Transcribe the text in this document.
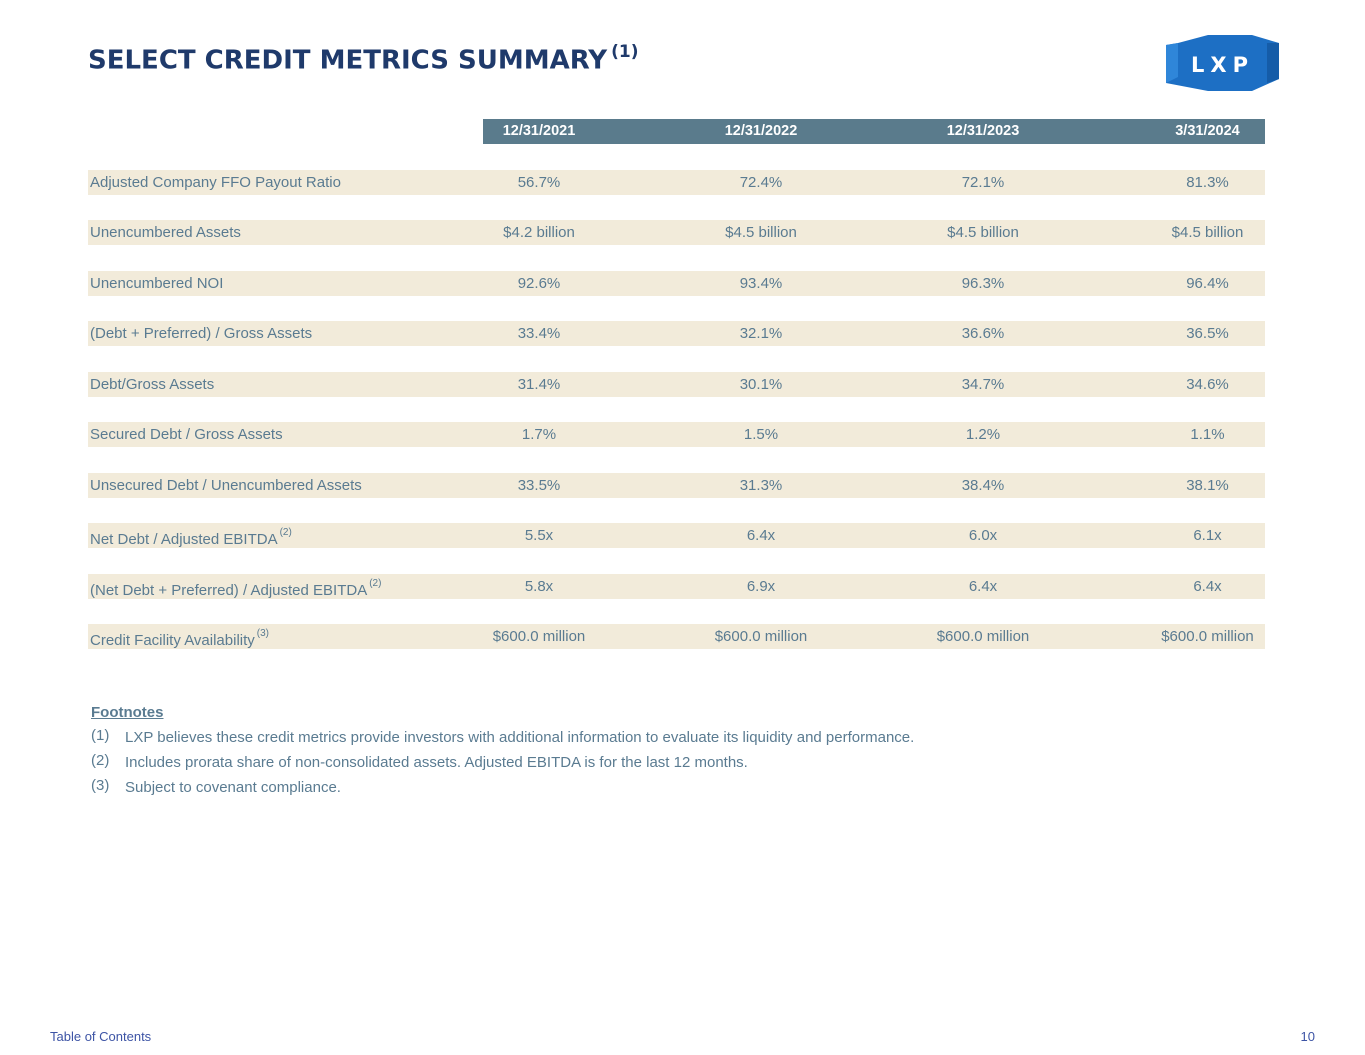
SELECT CREDIT METRICS SUMMARY $^{(1)}$
LXP
12/31/2021	12/31/2022	12/31/2023	3/31/2024
Adjusted Company FFO Payout Ratio	56.7%	72.4%	72.1%	81.3%
Unencumbered Assets	$4.2 billion	$4.5 billion	$4.5 billion	$4.5 billion
Unencumbered NOI	92.6%	93.4%	96.3%	96.4%
(Debt + Preferred) / Gross Assets	33.4%	32.1%	36.6%	36.5%
Debt/Gross Assets	31.4%	30.1%	34.7%	34.6%
Secured Debt / Gross Assets	1.7%	1.5%	1.2%	1.1%
Unsecured Debt / Unencumbered Assets	33.5%	31.3%	38.4%	38.1%
Net Debt / Adjusted EBITDA $^{(2)}$	5.5x	6.4x	6.0x	6.1x
(Net Debt + Preferred) / Adjusted EBITDA $^{(2)}$	5.8x	6.9x	6.4x	6.4x
Credit Facility Availability $^{(3)}$	$600.0 million	$600.0 million	$600.0 million	$600.0 million
Footnotes
(1) LXP believes these credit metrics provide investors with additional information to evaluate its liquidity and performance.
(2) Includes prorata share of non-consolidated assets. Adjusted EBITDA is for the last 12 months.
(3) Subject to covenant compliance.
Table of Contents	10
